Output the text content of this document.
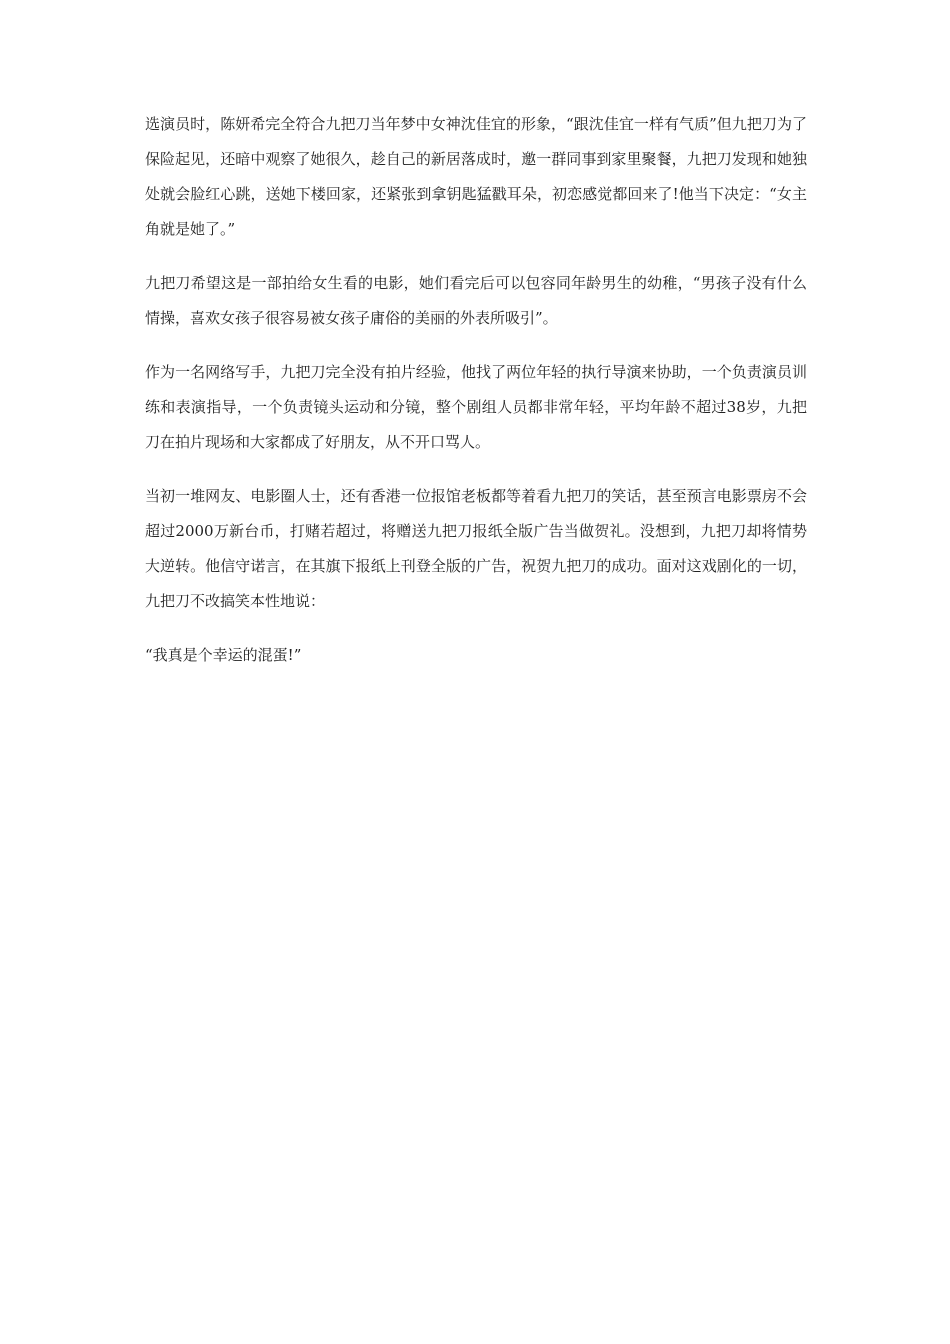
选演员时，陈妍希完全符合九把刀当年梦中女神沈佳宜的形象，“跟沈佳宜一样有气质”但九把刀为了保险起见，还暗中观察了她很久，趁自己的新居落成时，邀一群同事到家里聚餐，九把刀发现和她独处就会脸红心跳，送她下楼回家，还紧张到拿钥匙猛戳耳朵，初恋感觉都回来了!他当下决定：“女主角就是她了。”

九把刀希望这是一部拍给女生看的电影，她们看完后可以包容同年龄男生的幼稚，“男孩子没有什么情操，喜欢女孩子很容易被女孩子庸俗的美丽的外表所吸引”。

作为一名网络写手，九把刀完全没有拍片经验，他找了两位年轻的执行导演来协助，一个负责演员训练和表演指导，一个负责镜头运动和分镜，整个剧组人员都非常年轻，平均年龄不超过38岁，九把刀在拍片现场和大家都成了好朋友，从不开口骂人。

当初一堆网友、电影圈人士，还有香港一位报馆老板都等着看九把刀的笑话，甚至预言电影票房不会超过2000万新台币，打赌若超过，将赠送九把刀报纸全版广告当做贺礼。没想到，九把刀却将情势大逆转。他信守诺言，在其旗下报纸上刊登全版的广告，祝贺九把刀的成功。面对这戏剧化的一切，九把刀不改搞笑本性地说：

“我真是个幸运的混蛋!”
